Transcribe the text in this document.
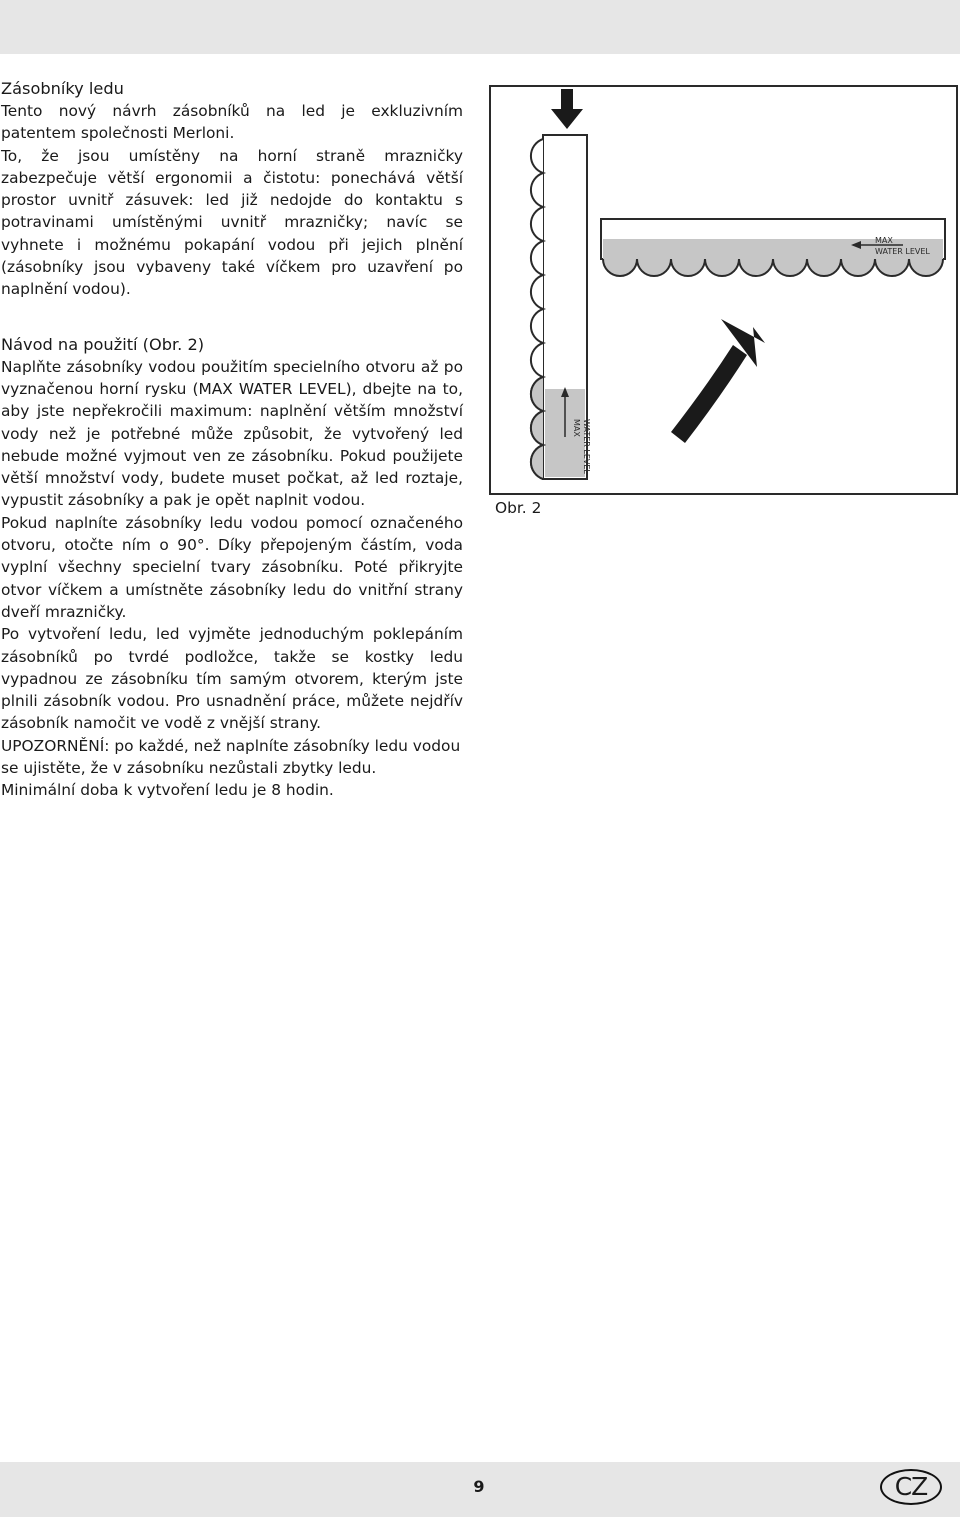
Zásobníky ledu

Tento nový návrh zásobníků na led je exkluzivním patentem společnosti Merloni.

To, že jsou umístěny na horní straně mrazničky zabezpečuje větší ergonomii a čistotu: ponechává větší prostor uvnitř zásuvek: led již nedojde do kontaktu s potravinami umístěnými uvnitř mrazničky; navíc se vyhnete i možnému pokapání vodou při jejich plnění (zásobníky jsou vybaveny také víčkem pro uzavření po naplnění vodou).

Návod na použití (Obr. 2)

Naplňte zásobníky vodou použitím specielního otvoru až po vyznačenou horní rysku (MAX WATER LEVEL), dbejte na to, aby jste nepřekročili maximum: naplnění větším množství vody než je potřebné může způsobit, že vytvořený led nebude možné vyjmout ven ze zásobníku. Pokud použijete větší množství vody, budete muset počkat, až led roztaje, vypustit zásobníky a pak je opět naplnit vodou.

Pokud naplníte zásobníky ledu vodou pomocí označeného otvoru, otočte ním o 90°. Díky přepojeným částím, voda vyplní všechny specielní tvary zásobníku. Poté přikryjte otvor víčkem a umístněte zásobníky ledu do vnitřní strany dveří mrazničky.

Po vytvoření ledu, led vyjměte jednoduchým poklepáním zásobníků po tvrdé podložce, takže se kostky ledu vypadnou ze zásobníku tím samým otvorem, kterým jste plnili zásobník vodou. Pro usnadnění práce, můžete nejdřív zásobník namočit ve vodě z vnější strany.

UPOZORNĚNÍ: po každé, než naplníte zásobníky ledu vodou se ujistěte, že v zásobníku nezůstali zbytky ledu.

Minimální doba k vytvoření ledu je 8 hodin.

MAX WATER LEVEL
MAX
WATER LEVEL
Obr. 2
9	CZ
